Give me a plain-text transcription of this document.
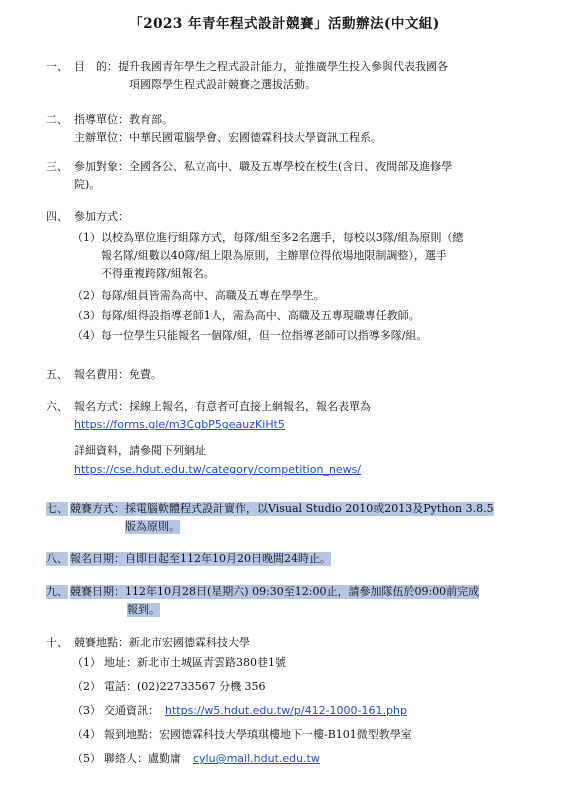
「2023 年青年程式設計競賽」活動辦法(中文組)
一、 目　的：提升我國青年學生之程式設計能力，並推廣學生投入參與代表我國各
項國際學生程式設計競賽之選拔活動。
二、 指導單位：教育部。
主辦單位：中華民國電腦學會、宏國德霖科技大學資訊工程系。
三、 參加對象：全國各公、私立高中、職及五專學校在校生(含日、夜間部及進修學
院)。
四、 參加方式：
（1） 以校為單位進行組隊方式，每隊/組至多2名選手，每校以3隊/組為原則（總
報名隊/組數以40隊/組上限為原則，主辦單位得依場地限制調整），選手
不得重複跨隊/組報名。
（2） 每隊/組員皆需為高中、高職及五專在學學生。
（3） 每隊/組得設指導老師1人，需為高中、高職及五專現職專任教師。
（4） 每一位學生只能報名一個隊/組，但一位指導老師可以指導多隊/組。
五、 報名費用：免費。
六、 報名方式：採線上報名，有意者可直接上網報名，報名表單為
https://forms.gle/m3CgbP5geauzKiHt5
詳細資料，請參閱下列網址
https://cse.hdut.edu.tw/category/competition_news/
七、 競賽方式：採電腦軟體程式設計實作，以Visual Studio 2010或2013及Python 3.8.5
版為原則。
八、 報名日期：自即日起至112年10月20日晚間24時止。
九、 競賽日期：112年10月28日(星期六) 09:30至12:00止，請參加隊伍於09:00前完成
報到。
十、 競賽地點：新北市宏國德霖科技大學
（1） 地址：新北市土城區青雲路380巷1號
（2） 電話：(02)22733567 分機 356
（3） 交通資訊： https://w5.hdut.edu.tw/p/412-1000-161.php
（4） 報到地點：宏國德霖科技大學瑱琪樓地下一樓-B101微型教學室
（5） 聯絡人：盧勤庸 cylu@mail.hdut.edu.tw
